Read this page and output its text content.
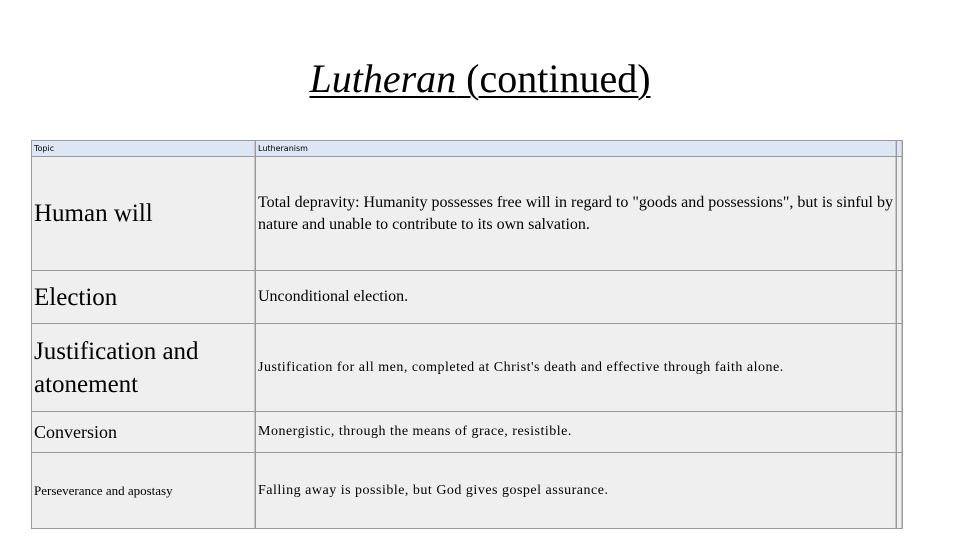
Lutheran (continued)
Topic	Lutheranism	
Human will	Total depravity: Humanity possesses free will in regard to "goods and possessions", but is sinful by nature and unable to contribute to its own salvation.	
Election	Unconditional election.	
Justification and atonement	Justification for all men, completed at Christ's death and effective through faith alone.	
Conversion	Monergistic, through the means of grace, resistible.	
Perseverance and apostasy	Falling away is possible, but God gives gospel assurance.	
